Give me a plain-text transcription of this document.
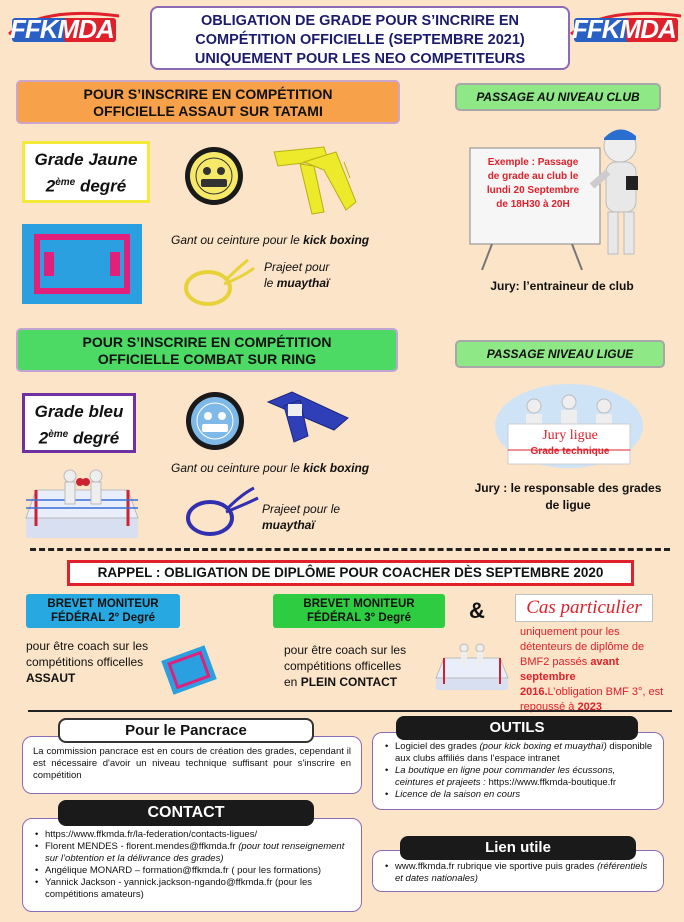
FFKMDA	FFKMDA
OBLIGATION DE GRADE POUR S’INCRIRE EN
COMPÉTITION OFFICIELLE (SEPTEMBRE 2021)
UNIQUEMENT POUR LES NEO COMPETITEURS
POUR S’INSCRIRE EN COMPÉTITION
OFFICIELLE ASSAUT SUR TATAMI
PASSAGE AU NIVEAU CLUB
Grade Jaune
2ème degré
Gant ou ceinture pour le kick boxing
Prajeet pour
le muaythaï
Exemple : Passage
de grade au club le
lundi 20 Septembre
de 18H30 à 20H
Jury: l’entraineur de club
POUR S’INSCRIRE EN COMPÉTITION
OFFICIELLE COMBAT SUR RING	PASSAGE NIVEAU LIGUE
Grade bleu
2ème degré
Gant ou ceinture pour le kick boxing
Prajeet pour le
muaythaï
Jury ligue
Grade technique
Jury : le responsable des grades
de ligue
RAPPEL : OBLIGATION DE DIPLÔME POUR COACHER DÈS SEPTEMBRE 2020
BREVET MONITEUR
FÉDÉRAL 2° Degré
pour être coach sur les
compétitions officelles
ASSAUT
BREVET MONITEUR
FÉDÉRAL 3° Degré
pour être coach sur les
compétitions officelles
en PLEIN CONTACT
&	Cas particulier
uniquement pour les
détenteurs de diplôme de
BMF2 passés avant septembre
2016.L’obligation BMF 3°, est
repoussé à 2023
La commission pancrace est en cours de création des grades, cependant il est nécessaire d'avoir un niveau technique suffisant pour s'inscrire en compétition
Pour le Pancrace
• Logiciel des grades (pour kick boxing et muaythaï) disponible aux clubs affiliés dans l’espace intranet
• La boutique en ligne pour commander les écussons, ceintures et prajeets : https://www.ffkmda-boutique.fr
• Licence de la saison en cours
OUTILS
• https://www.ffkmda.fr/la-federation/contacts-ligues/
• Florent MENDES - florent.mendes@ffkmda.fr (pour tout renseignement sur l’obtention et la délivrance des grades)
• Angélique MONARD – formation@ffkmda.fr ( pour les formations)
• Yannick Jackson - yannick.jackson-ngando@ffkmda.fr (pour les compétitions amateurs)
CONTACT
• www.ffkmda.fr rubrique vie sportive puis grades (référentiels et dates nationales)
Lien utile
